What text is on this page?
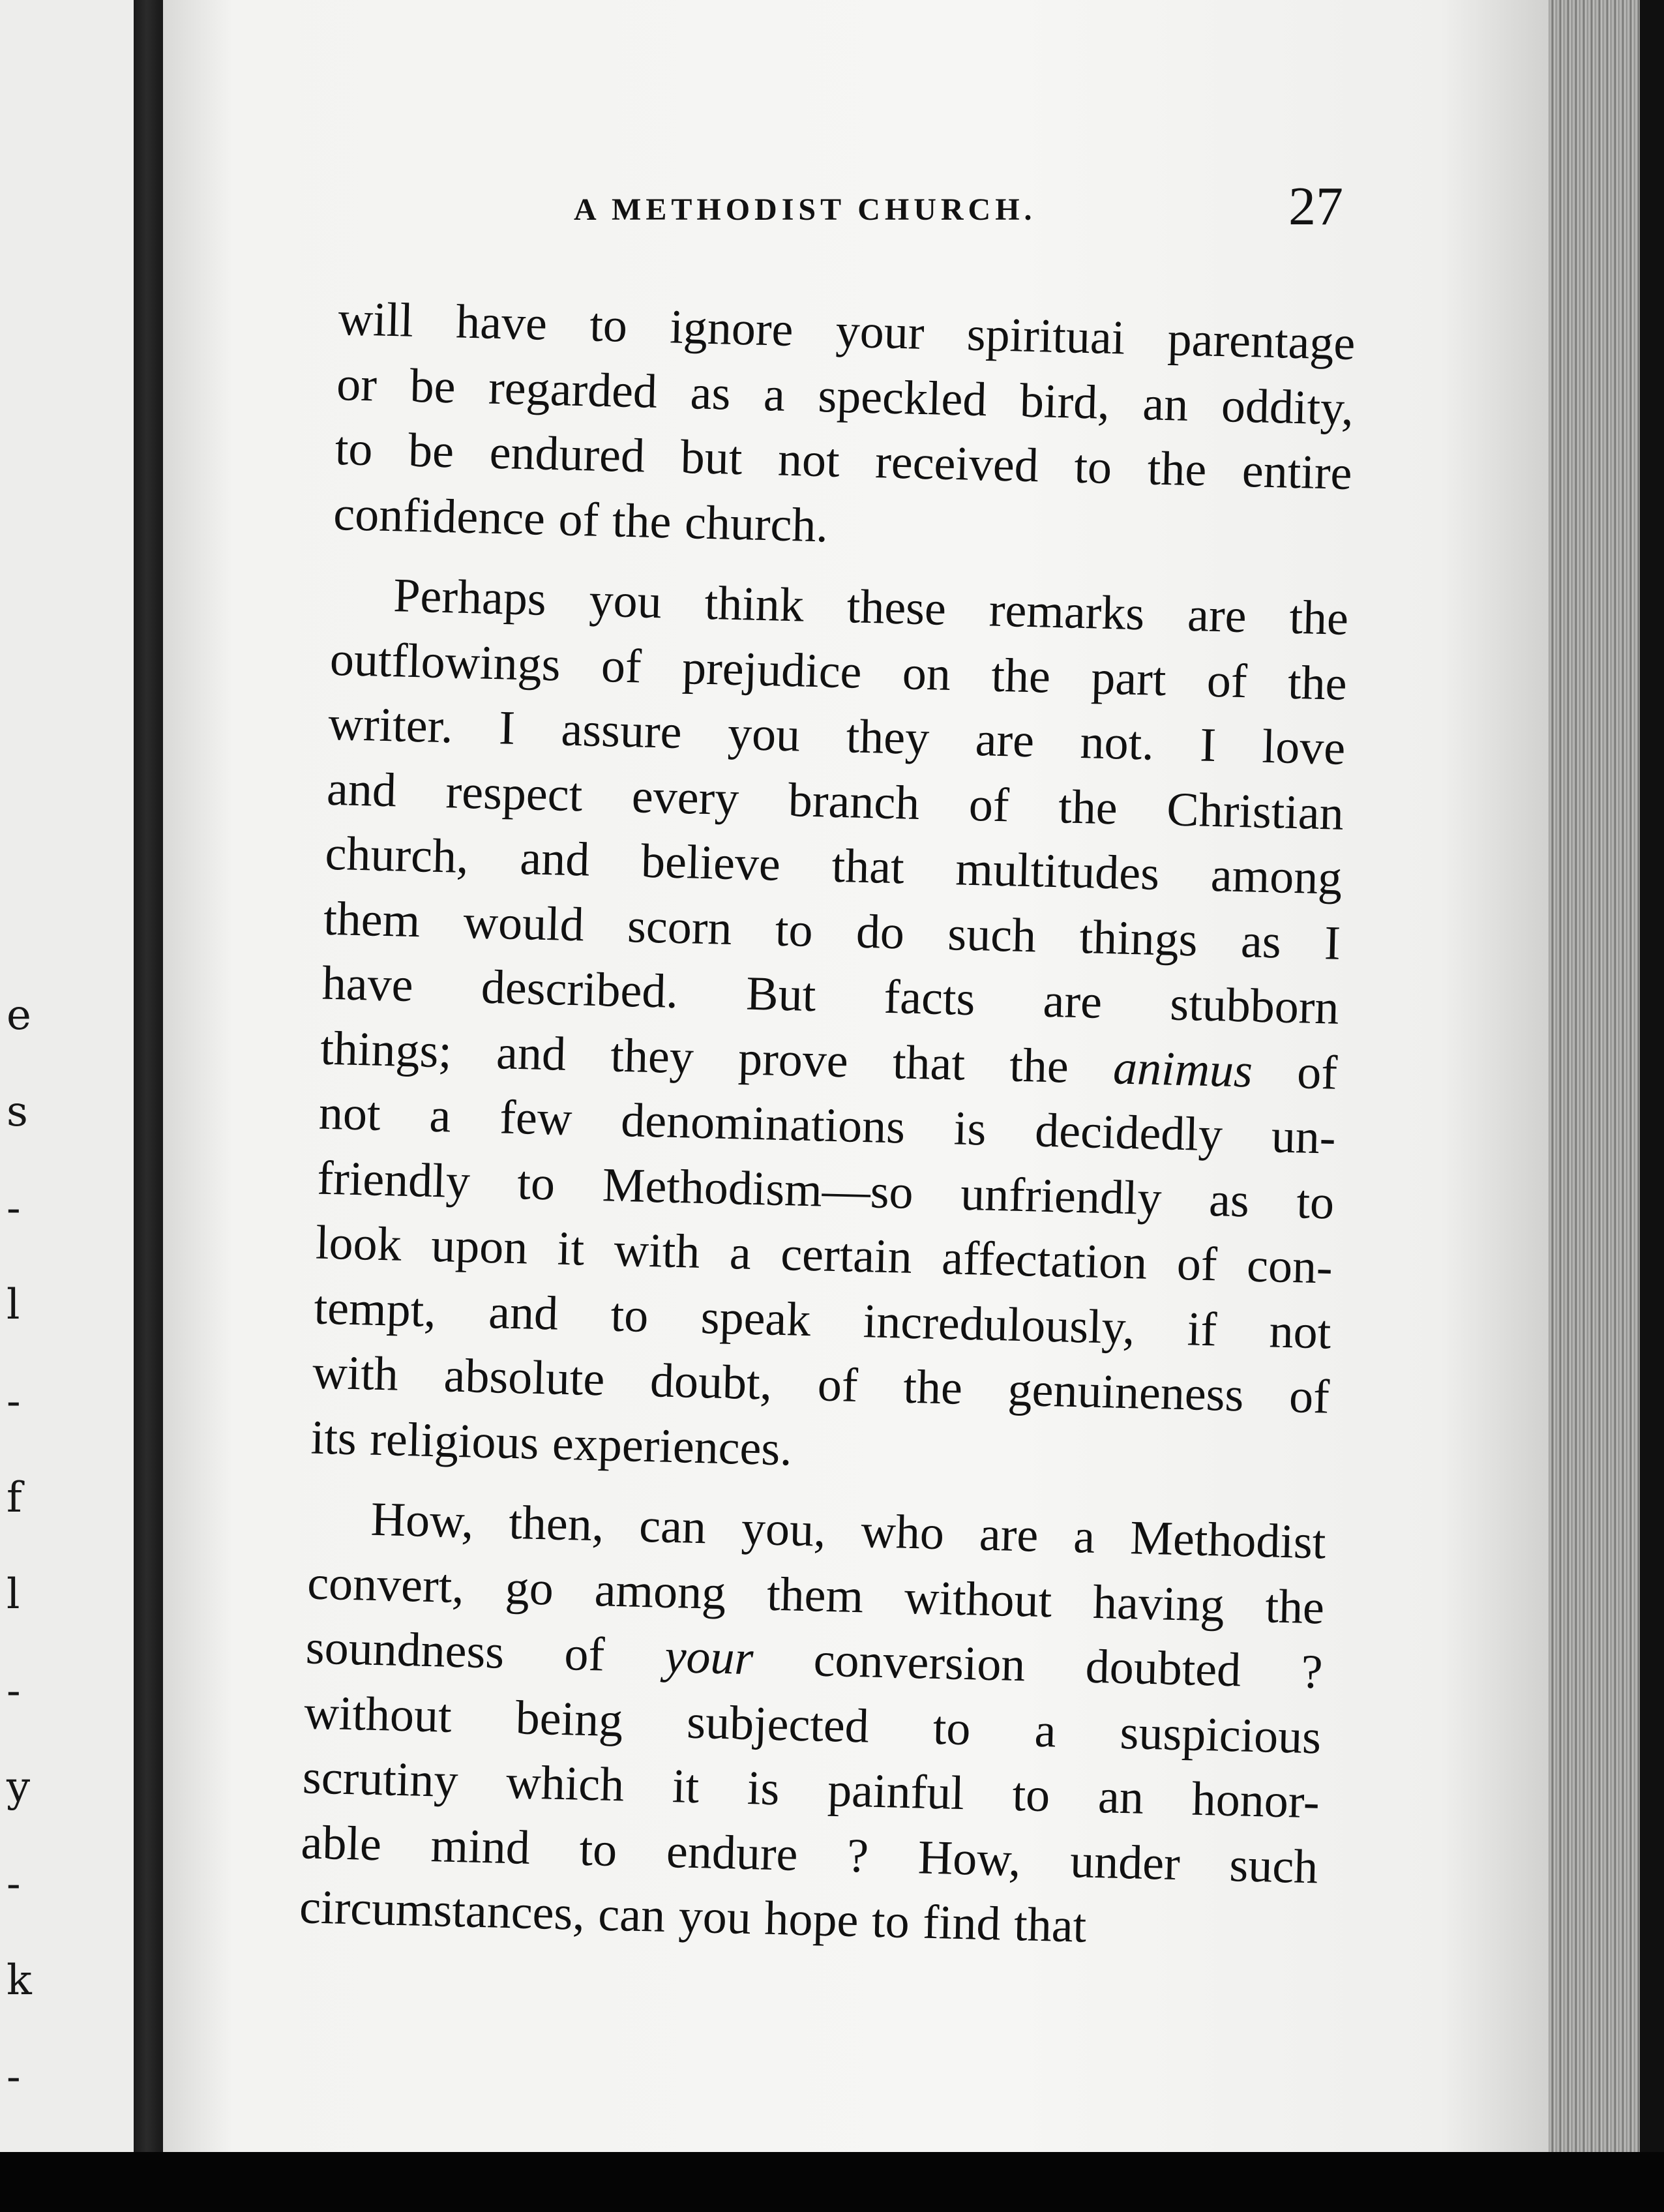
e
s
-
l
-
f
l
-
y
-
k
-
A METHODIST CHURCH.	27
will have to ignore your spirituai parentage
or be regarded as a speckled bird, an oddity,
to be endured but not received to the entire
confidence of the church.
Perhaps you think these remarks are the
outflowings of prejudice on the part of the
writer. I assure you they are not. I love
and respect every branch of the Christian
church, and believe that multitudes among
them would scorn to do such things as I
have described. But facts are stubborn
things; and they prove that the animus of
not a few denominations is decidedly un-
friendly to Methodism—so unfriendly as to
look upon it with a certain affectation of con-
tempt, and to speak incredulously, if not
with absolute doubt, of the genuineness of
its religious experiences.
How, then, can you, who are a Methodist
convert, go among them without having the
soundness of your conversion doubted ?
without being subjected to a suspicious
scrutiny which it is painful to an honor-
able mind to endure ? How, under such
circumstances, can you hope to find that
